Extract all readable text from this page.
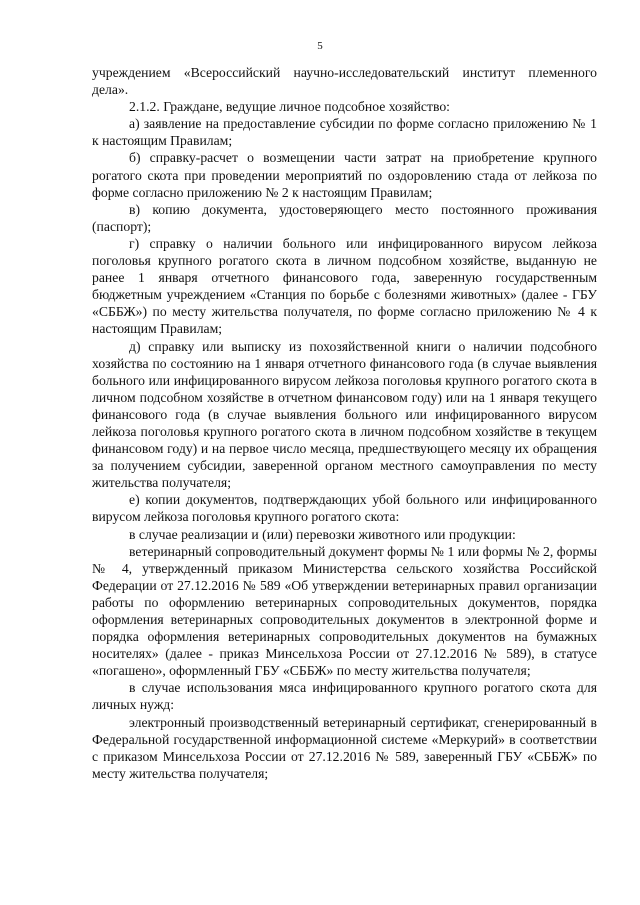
5

учреждением «Всероссийский научно-исследовательский институт племенного дела».

2.1.2. Граждане, ведущие личное подсобное хозяйство:

а) заявление на предоставление субсидии по форме согласно приложению № 1 к настоящим Правилам;

б) справку-расчет о возмещении части затрат на приобретение крупного рогатого скота при проведении мероприятий по оздоровлению стада от лейкоза по форме согласно приложению № 2 к настоящим Правилам;

в) копию документа, удостоверяющего место постоянного проживания (паспорт);

г) справку о наличии больного или инфицированного вирусом лейкоза поголовья крупного рогатого скота в личном подсобном хозяйстве, выданную не ранее 1 января отчетного финансового года, заверенную государственным бюджетным учреждением «Станция по борьбе с болезнями животных» (далее - ГБУ «СББЖ») по месту жительства получателя, по форме согласно приложению № 4 к настоящим Правилам;

д) справку или выписку из похозяйственной книги о наличии подсобного хозяйства по состоянию на 1 января отчетного финансового года (в случае выявления больного или инфицированного вирусом лейкоза поголовья крупного рогатого скота в личном подсобном хозяйстве в отчетном финансовом году) или на 1 января текущего финансового года (в случае выявления больного или инфицированного вирусом лейкоза поголовья крупного рогатого скота в личном подсобном хозяйстве в текущем финансовом году) и на первое число месяца, предшествующего месяцу их обращения за получением субсидии, заверенной органом местного самоуправления по месту жительства получателя;

е) копии документов, подтверждающих убой больного или инфицированного вирусом лейкоза поголовья крупного рогатого скота:

в случае реализации и (или) перевозки животного или продукции:

ветеринарный сопроводительный документ формы № 1 или формы № 2, формы № 4, утвержденный приказом Министерства сельского хозяйства Российской Федерации от 27.12.2016 № 589 «Об утверждении ветеринарных правил организации работы по оформлению ветеринарных сопроводительных документов, порядка оформления ветеринарных сопроводительных документов в электронной форме и порядка оформления ветеринарных сопроводительных документов на бумажных носителях» (далее - приказ Минсельхоза России от 27.12.2016 № 589), в статусе «погашено», оформленный ГБУ «СББЖ» по месту жительства получателя;

в случае использования мяса инфицированного крупного рогатого скота для личных нужд:

электронный производственный ветеринарный сертификат, сгенерированный в Федеральной государственной информационной системе «Меркурий» в соответствии с приказом Минсельхоза России от 27.12.2016 № 589, заверенный ГБУ «СББЖ» по месту жительства получателя;
